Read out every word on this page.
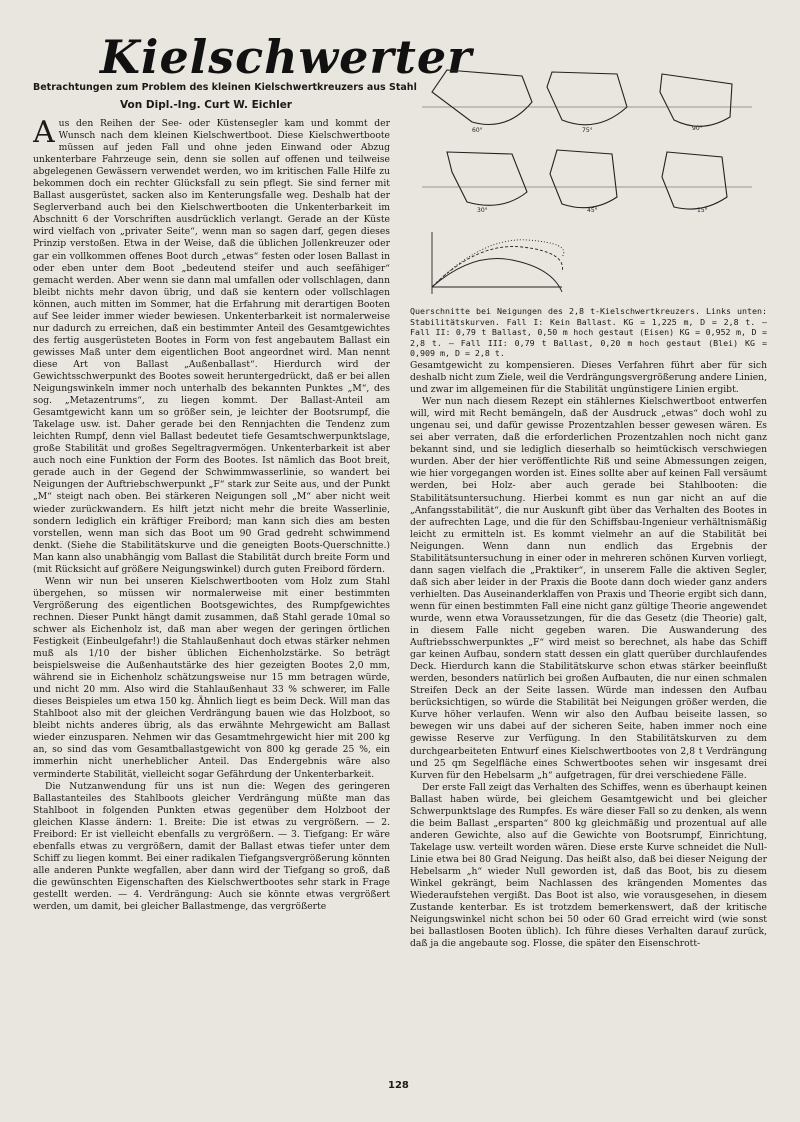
Kielschwerter
Betrachtungen zum Problem des kleinen Kielschwertkreuzers aus Stahl
Von Dipl.-Ing. Curt W. Eichler

Aus den Reihen der See- oder Küstensegler kam und kommt der Wunsch nach dem kleinen Kielschwertboot. Diese Kielschwertboote müssen auf jeden Fall und ohne jeden Einwand oder Abzug unkenterbare Fahrzeuge sein, denn sie sollen auf offenen und teilweise abgelegenen Gewässern verwendet werden, wo im kritischen Falle Hilfe zu bekommen doch ein rechter Glücksfall zu sein pflegt. Sie sind ferner mit Ballast ausgerüstet, sacken also im Kenterungsfalle weg. Deshalb hat der Seglerverband auch bei den Kielschwertbooten die Unkenterbarkeit im Abschnitt 6 der Vorschriften ausdrücklich verlangt. Gerade an der Küste wird vielfach von „privater Seite“, wenn man so sagen darf, gegen dieses Prinzip verstoßen. Etwa in der Weise, daß die üblichen Jollenkreuzer oder gar ein vollkommen offenes Boot durch „etwas“ festen oder losen Ballast in oder eben unter dem Boot „bedeutend steifer und auch seefähiger“ gemacht werden. Aber wenn sie dann mal umfallen oder vollschlagen, dann bleibt nichts mehr davon übrig, und daß sie kentern oder vollschlagen können, auch mitten im Sommer, hat die Erfahrung mit derartigen Booten auf See leider immer wieder bewiesen. Unkenterbarkeit ist normalerweise nur dadurch zu erreichen, daß ein bestimmter Anteil des Gesamtgewichtes des fertig ausgerüsteten Bootes in Form von fest angebautem Ballast ein gewisses Maß unter dem eigentlichen Boot angeordnet wird. Man nennt diese Art von Ballast „Außenballast“. Hierdurch wird der Gewichtsschwerpunkt des Bootes soweit heruntergedrückt, daß er bei allen Neigungswinkeln immer noch unterhalb des bekannten Punktes „M“, des sog. „Metazentrums“, zu liegen kommt. Der Ballast-Anteil am Gesamtgewicht kann um so größer sein, je leichter der Bootsrumpf, die Takelage usw. ist. Daher gerade bei den Rennjachten die Tendenz zum leichten Rumpf, denn viel Ballast bedeutet tiefe Gesamtschwerpunktslage, große Stabilität und großes Segeltragvermögen. Unkenterbarkeit ist aber auch noch eine Funktion der Form des Bootes. Ist nämlich das Boot breit, gerade auch in der Gegend der Schwimmwasserlinie, so wandert bei Neigungen der Auftriebschwerpunkt „F“ stark zur Seite aus, und der Punkt „M“ steigt nach oben. Bei stärkeren Neigungen soll „M“ aber nicht weit wieder zurückwandern. Es hilft jetzt nicht mehr die breite Wasserlinie, sondern lediglich ein kräftiger Freibord; man kann sich dies am besten vorstellen, wenn man sich das Boot um 90 Grad gedreht schwimmend denkt. (Siehe die Stabilitätskurve und die geneigten Boots-Querschnitte.) Man kann also unabhängig vom Ballast die Stabilität durch breite Form und (mit Rücksicht auf größere Neigungswinkel) durch guten Freibord fördern.

Wenn wir nun bei unseren Kielschwertbooten vom Holz zum Stahl übergehen, so müssen wir normalerweise mit einer bestimmten Vergrößerung des eigentlichen Bootsgewichtes, des Rumpfgewichtes rechnen. Dieser Punkt hängt damit zusammen, daß Stahl gerade 10mal so schwer als Eichenholz ist, daß man aber wegen der geringen örtlichen Festigkeit (Einbeulgefahr!) die Stahlaußenhaut doch etwas stärker nehmen muß als 1/10 der bisher üblichen Eichenholzstärke. So beträgt beispielsweise die Außenhautstärke des hier gezeigten Bootes 2,0 mm, während sie in Eichenholz schätzungsweise nur 15 mm betragen würde, und nicht 20 mm. Also wird die Stahlaußenhaut 33 % schwerer, im Falle dieses Beispieles um etwa 150 kg. Ähnlich liegt es beim Deck. Will man das Stahlboot also mit der gleichen Verdrängung bauen wie das Holzboot, so bleibt nichts anderes übrig, als das erwähnte Mehrgewicht am Ballast wieder einzusparen. Nehmen wir das Gesamtmehrgewicht hier mit 200 kg an, so sind das vom Gesamtballastgewicht von 800 kg gerade 25 %, ein immerhin nicht unerheblicher Anteil. Das Endergebnis wäre also verminderte Stabilität, vielleicht sogar Gefährdung der Unkenterbarkeit.

Die Nutzanwendung für uns ist nun die: Wegen des geringeren Ballastanteiles des Stahlboots gleicher Verdrängung müßte man das Stahlboot in folgenden Punkten etwas gegenüber dem Holzboot der gleichen Klasse ändern: 1. Breite: Die ist etwas zu vergrößern. — 2. Freibord: Er ist vielleicht ebenfalls zu vergrößern. — 3. Tiefgang: Er wäre ebenfalls etwas zu vergrößern, damit der Ballast etwas tiefer unter dem Schiff zu liegen kommt. Bei einer radikalen Tiefgangsvergrößerung könnten alle anderen Punkte wegfallen, aber dann wird der Tiefgang so groß, daß die gewünschten Eigenschaften des Kielschwertbootes sehr stark in Frage gestellt werden. — 4. Verdrängung: Auch sie könnte etwas vergrößert werden, um damit, bei gleicher Ballastmenge, das vergrößerte

60°	75°	90°
30°	45°	15°
Querschnitte bei Neigungen des 2,8 t-Kielschwertkreuzers. Links unten: Stabilitätskurven. Fall I: Kein Ballast. KG = 1,225 m, D = 2,8 t. — Fall II: 0,79 t Ballast, 0,50 m hoch gestaut (Eisen) KG = 0,952 m, D = 2,8 t. — Fall III: 0,79 t Ballast, 0,20 m hoch gestaut (Blei) KG = 0,909 m, D = 2,8 t.

Gesamtgewicht zu kompensieren. Dieses Verfahren führt aber für sich deshalb nicht zum Ziele, weil die Verdrängungsvergrößerung andere Linien, und zwar im allgemeinen für die Stabilität ungünstigere Linien ergibt.

Wer nun nach diesem Rezept ein stählernes Kielschwertboot entwerfen will, wird mit Recht bemängeln, daß der Ausdruck „etwas“ doch wohl zu ungenau sei, und dafür gewisse Prozentzahlen besser gewesen wären. Es sei aber verraten, daß die erforderlichen Prozentzahlen noch nicht ganz bekannt sind, und sie lediglich dieserhalb so heimtückisch verschwiegen wurden. Aber der hier veröffentlichte Riß und seine Abmessungen zeigen, wie hier vorgegangen worden ist. Eines sollte aber auf keinen Fall versäumt werden, bei Holz- aber auch gerade bei Stahlbooten: die Stabilitätsuntersuchung. Hierbei kommt es nun gar nicht an auf die „Anfangsstabilität“, die nur Auskunft gibt über das Verhalten des Bootes in der aufrechten Lage, und die für den Schiffsbau-Ingenieur verhältnismäßig leicht zu ermitteln ist. Es kommt vielmehr an auf die Stabilität bei Neigungen. Wenn dann nun endlich das Ergebnis der Stabilitätsuntersuchung in einer oder in mehreren schönen Kurven vorliegt, dann sagen vielfach die „Praktiker“, in unserem Falle die aktiven Segler, daß sich aber leider in der Praxis die Boote dann doch wieder ganz anders verhielten. Das Auseinanderklaffen von Praxis und Theorie ergibt sich dann, wenn für einen bestimmten Fall eine nicht ganz gültige Theorie angewendet wurde, wenn etwa Voraussetzungen, für die das Gesetz (die Theorie) galt, in diesem Falle nicht gegeben waren. Die Auswanderung des Auftriebsschwerpunktes „F“ wird meist so berechnet, als habe das Schiff gar keinen Aufbau, sondern statt dessen ein glatt querüber durchlaufendes Deck. Hierdurch kann die Stabilitätskurve schon etwas stärker beeinflußt werden, besonders natürlich bei großen Aufbauten, die nur einen schmalen Streifen Deck an der Seite lassen. Würde man indessen den Aufbau berücksichtigen, so würde die Stabilität bei Neigungen größer werden, die Kurve höher verlaufen. Wenn wir also den Aufbau beiseite lassen, so bewegen wir uns dabei auf der sicheren Seite, haben immer noch eine gewisse Reserve zur Verfügung. In den Stabilitätskurven zu dem durchgearbeiteten Entwurf eines Kielschwertbootes von 2,8 t Verdrängung und 25 qm Segelfläche eines Schwertbootes sehen wir insgesamt drei Kurven für den Hebelsarm „h“ aufgetragen, für drei verschiedene Fälle.

Der erste Fall zeigt das Verhalten des Schiffes, wenn es überhaupt keinen Ballast haben würde, bei gleichem Gesamtgewicht und bei gleicher Schwerpunktslage des Rumpfes. Es wäre dieser Fall so zu denken, als wenn die beim Ballast „ersparten“ 800 kg gleichmäßig und prozentual auf alle anderen Gewichte, also auf die Gewichte von Bootsrumpf, Einrichtung, Takelage usw. verteilt worden wären. Diese erste Kurve schneidet die Null-Linie etwa bei 80 Grad Neigung. Das heißt also, daß bei dieser Neigung der Hebelsarm „h“ wieder Null geworden ist, daß das Boot, bis zu diesem Winkel gekrängt, beim Nachlassen des krängenden Momentes das Wiederaufstehen vergißt. Das Boot ist also, wie vorausgesehen, in diesem Zustande kenterbar. Es ist trotzdem bemerkenswert, daß der kritische Neigungswinkel nicht schon bei 50 oder 60 Grad erreicht wird (wie sonst bei ballastlosen Booten üblich). Ich führe dieses Verhalten darauf zurück, daß ja die angebaute sog. Flosse, die später den Eisenschrott-

128
